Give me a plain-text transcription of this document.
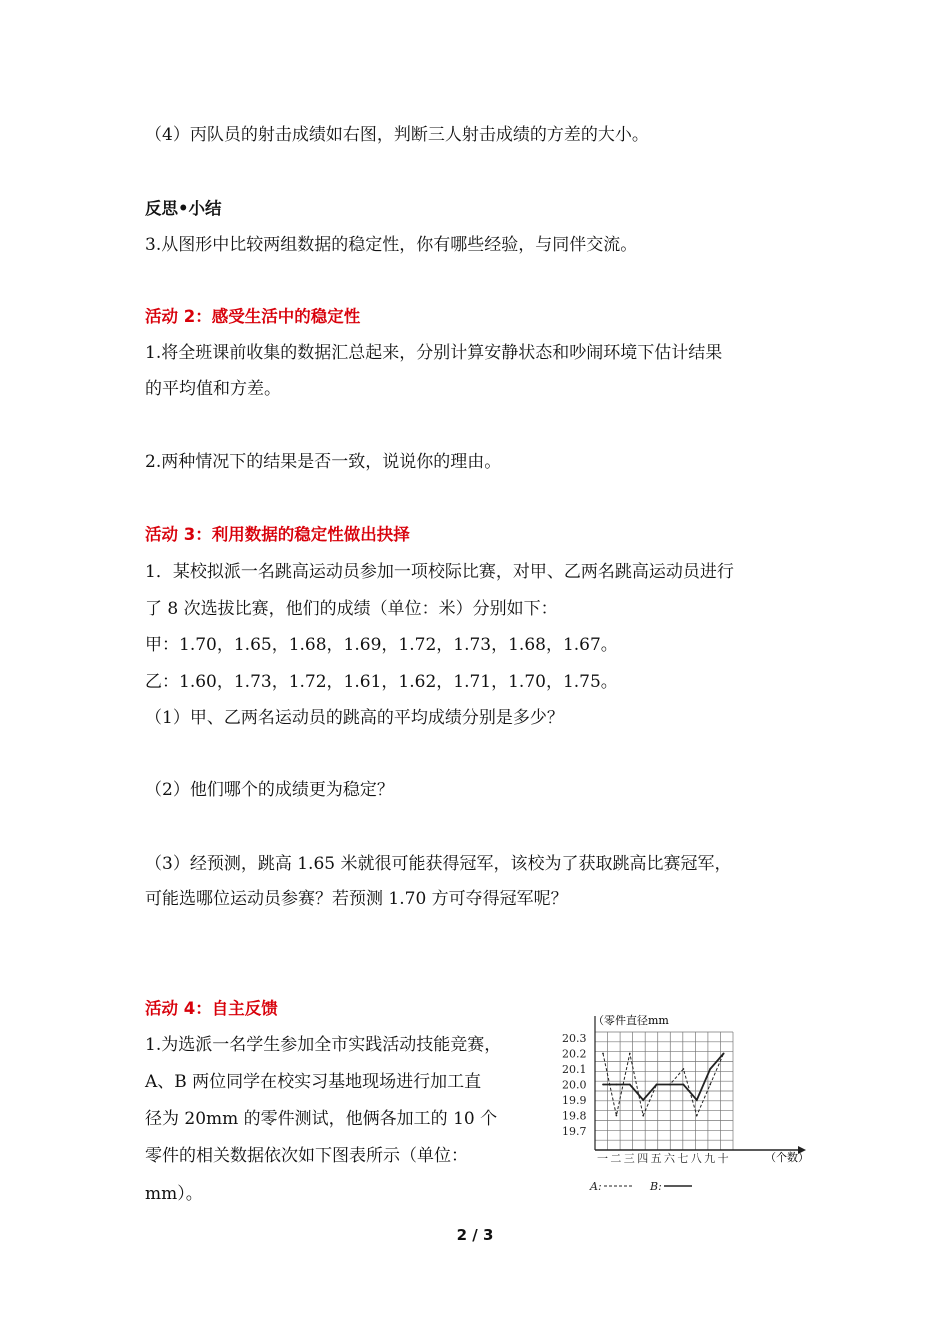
（4）丙队员的射击成绩如右图，判断三人射击成绩的方差的大小。
反思•小结
3.从图形中比较两组数据的稳定性，你有哪些经验，与同伴交流。
活动 2：感受生活中的稳定性
1.将全班课前收集的数据汇总起来，分别计算安静状态和吵闹环境下估计结果
的平均值和方差。
2.两种情况下的结果是否一致，说说你的理由。
活动 3：利用数据的稳定性做出抉择
1．某校拟派一名跳高运动员参加一项校际比赛，对甲、乙两名跳高运动员进行
了 8 次选拔比赛，他们的成绩（单位：米）分别如下：
甲：1.70，1.65，1.68，1.69，1.72，1.73，1.68，1.67。
乙：1.60，1.73，1.72，1.61，1.62，1.71，1.70，1.75。
（1）甲、乙两名运动员的跳高的平均成绩分别是多少？
（2）他们哪个的成绩更为稳定？
（3）经预测，跳高 1.65 米就很可能获得冠军，该校为了获取跳高比赛冠军，
可能选哪位运动员参赛？若预测 1.70 方可夺得冠军呢？
活动 4：自主反馈
1.为选派一名学生参加全市实践活动技能竞赛，
A、B 两位同学在校实习基地现场进行加工直
径为 20mm 的零件测试，他俩各加工的 10 个
零件的相关数据依次如下图表所示（单位：
mm）。
20.3
20.2
20.1
20.0
19.9
19.8
19.7
一 二 三 四 五 六 七 八 九 十
（零件直径mm
（个数）
A:	B:
2 / 3
